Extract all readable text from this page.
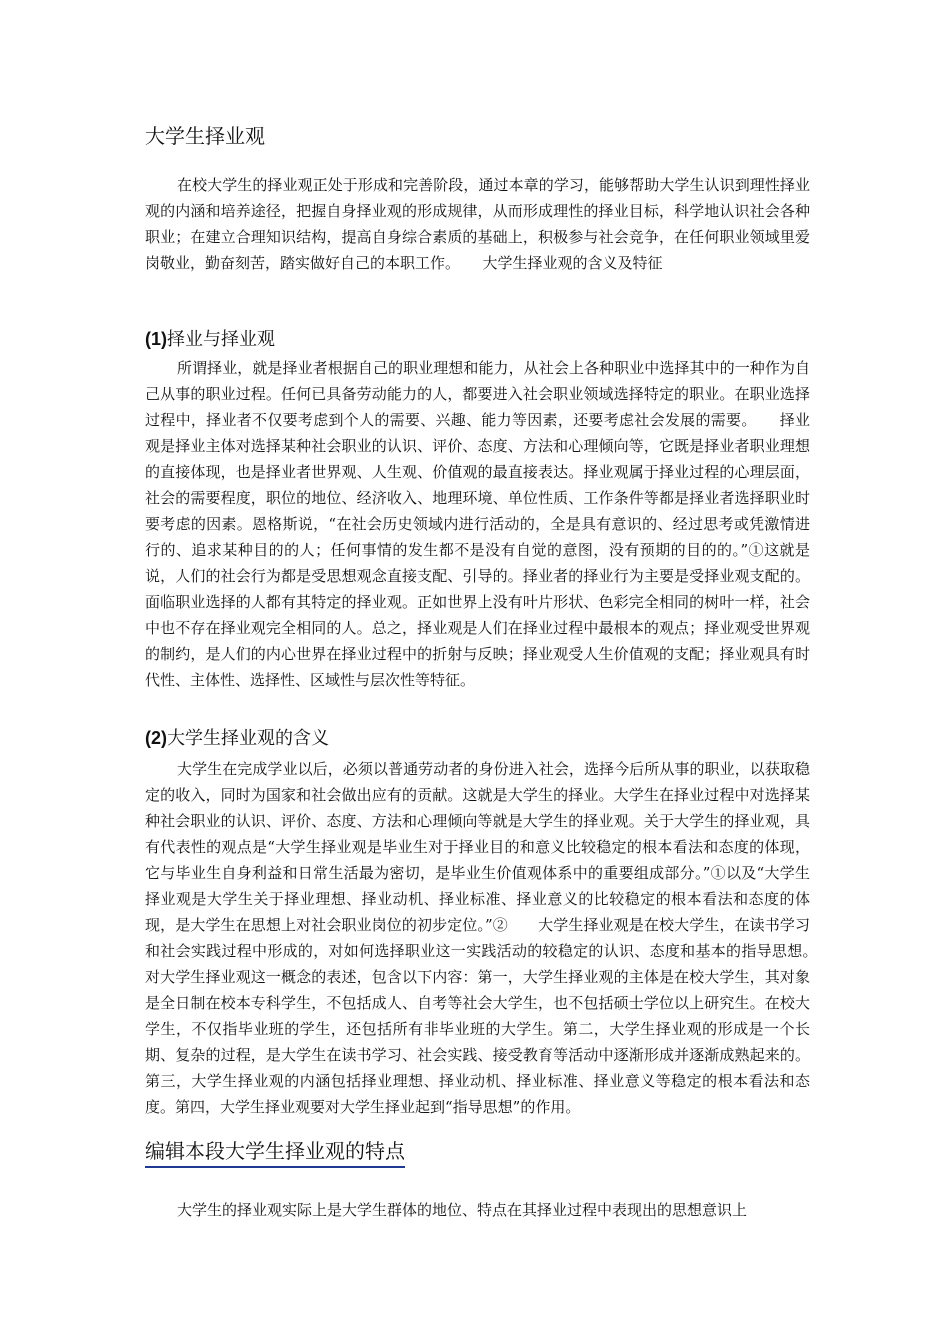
大学生择业观

在校大学生的择业观正处于形成和完善阶段，通过本章的学习，能够帮助大学生认识到理性择业观的内涵和培养途径，把握自身择业观的形成规律，从而形成理性的择业目标，科学地认识社会各种职业；在建立合理知识结构，提高自身综合素质的基础上，积极参与社会竞争，在任何职业领域里爱岗敬业，勤奋刻苦，踏实做好自己的本职工作。　　大学生择业观的含义及特征

(1)择业与择业观

所谓择业，就是择业者根据自己的职业理想和能力，从社会上各种职业中选择其中的一种作为自己从事的职业过程。任何已具备劳动能力的人，都要进入社会职业领域选择特定的职业。在职业选择过程中，择业者不仅要考虑到个人的需要、兴趣、能力等因素，还要考虑社会发展的需要。　　择业观是择业主体对选择某种社会职业的认识、评价、态度、方法和心理倾向等，它既是择业者职业理想的直接体现，也是择业者世界观、人生观、价值观的最直接表达。择业观属于择业过程的心理层面，社会的需要程度，职位的地位、经济收入、地理环境、单位性质、工作条件等都是择业者选择职业时要考虑的因素。恩格斯说，“在社会历史领域内进行活动的，全是具有意识的、经过思考或凭激情进行的、追求某种目的的人；任何事情的发生都不是没有自觉的意图，没有预期的目的的。”①这就是说，人们的社会行为都是受思想观念直接支配、引导的。择业者的择业行为主要是受择业观支配的。面临职业选择的人都有其特定的择业观。正如世界上没有叶片形状、色彩完全相同的树叶一样，社会中也不存在择业观完全相同的人。总之，择业观是人们在择业过程中最根本的观点；择业观受世界观的制约，是人们的内心世界在择业过程中的折射与反映；择业观受人生价值观的支配；择业观具有时代性、主体性、选择性、区域性与层次性等特征。

(2)大学生择业观的含义

大学生在完成学业以后，必须以普通劳动者的身份进入社会，选择今后所从事的职业，以获取稳定的收入，同时为国家和社会做出应有的贡献。这就是大学生的择业。大学生在择业过程中对选择某种社会职业的认识、评价、态度、方法和心理倾向等就是大学生的择业观。关于大学生的择业观，具有代表性的观点是“大学生择业观是毕业生对于择业目的和意义比较稳定的根本看法和态度的体现，它与毕业生自身利益和日常生活最为密切，是毕业生价值观体系中的重要组成部分。”①以及“大学生择业观是大学生关于择业理想、择业动机、择业标准、择业意义的比较稳定的根本看法和态度的体现，是大学生在思想上对社会职业岗位的初步定位。”②　　大学生择业观是在校大学生，在读书学习和社会实践过程中形成的，对如何选择职业这一实践活动的较稳定的认识、态度和基本的指导思想。　　对大学生择业观这一概念的表述，包含以下内容：第一，大学生择业观的主体是在校大学生，其对象是全日制在校本专科学生，不包括成人、自考等社会大学生，也不包括硕士学位以上研究生。在校大学生，不仅指毕业班的学生，还包括所有非毕业班的大学生。第二，大学生择业观的形成是一个长期、复杂的过程，是大学生在读书学习、社会实践、接受教育等活动中逐渐形成并逐渐成熟起来的。第三，大学生择业观的内涵包括择业理想、择业动机、择业标准、择业意义等稳定的根本看法和态度。第四，大学生择业观要对大学生择业起到“指导思想”的作用。

编辑本段大学生择业观的特点

大学生的择业观实际上是大学生群体的地位、特点在其择业过程中表现出的思想意识上
